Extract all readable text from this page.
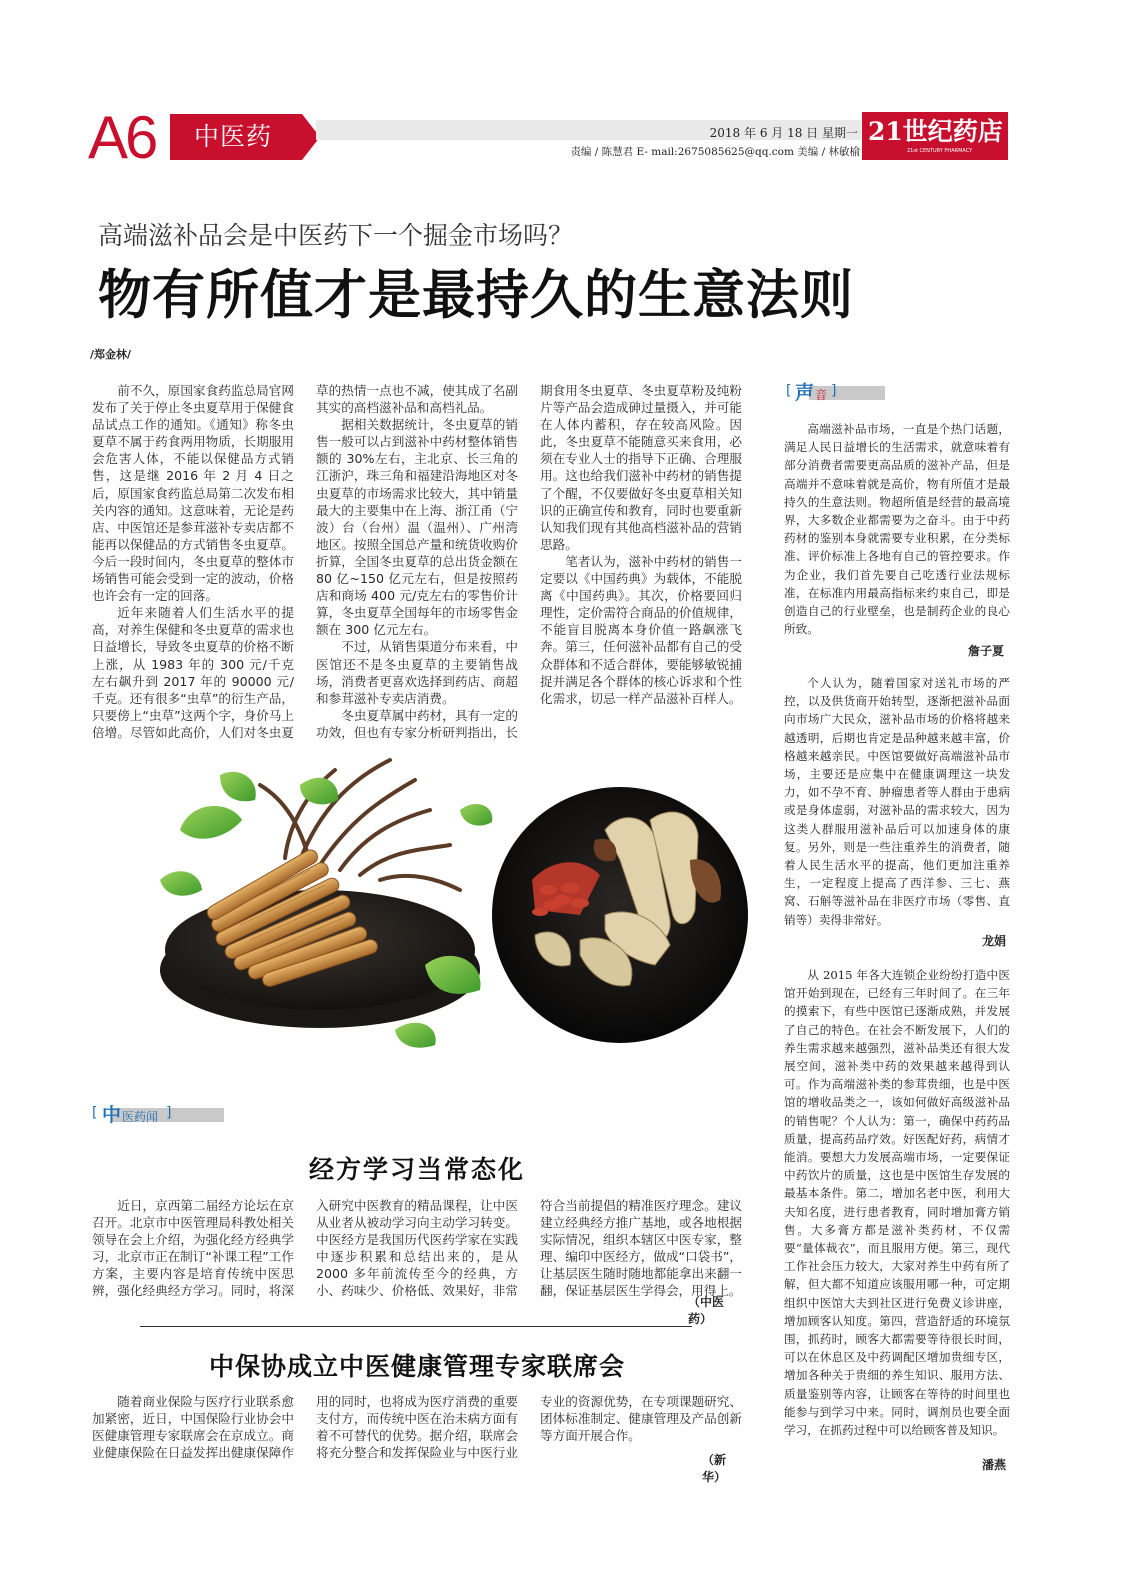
A6 中医药	2018 年 6 月 18 日 星期一
责编 / 陈慧君 E- mail:2675085625@qq.com 美编 / 林敏榆
21世纪药店
21st CENTURY PHARMACY
高端滋补品会是中医药下一个掘金市场吗？
物有所值才是最持久的生意法则
/郑金林/

前不久，原国家食药监总局官网发布了关于停止冬虫夏草用于保健食品试点工作的通知。《通知》称冬虫夏草不属于药食两用物质，长期服用会危害人体，不能以保健品方式销售，这是继 2016 年 2 月 4 日之后，原国家食药监总局第二次发布相关内容的通知。这意味着，无论是药店、中医馆还是参茸滋补专卖店都不能再以保健品的方式销售冬虫夏草。今后一段时间内，冬虫夏草的整体市场销售可能会受到一定的波动，价格也许会有一定的回落。

近年来随着人们生活水平的提高，对养生保健和冬虫夏草的需求也日益增长，导致冬虫夏草的价格不断上涨，从 1983 年的 300 元/千克左右飙升到 2017 年的 90000 元/千克。还有很多“虫草”的衍生产品，只要傍上“虫草”这两个字，身价马上倍增。尽管如此高价，人们对冬虫夏草的热情一点也不减，使其成了名副其实的高档滋补品和高档礼品。

据相关数据统计，冬虫夏草的销售一般可以占到滋补中药材整体销售额的 30%左右，主北京、长三角的江浙沪，珠三角和福建沿海地区对冬虫夏草的市场需求比较大，其中销量最大的主要集中在上海、浙江甬（宁波）台（台州）温（温州）、广州湾地区。按照全国总产量和统货收购价折算，全国冬虫夏草的总出货金额在 80 亿~150 亿元左右，但是按照药店和商场 400 元/克左右的零售价计算，冬虫夏草全国每年的市场零售金额在 300 亿元左右。

不过，从销售渠道分布来看，中医馆还不是冬虫夏草的主要销售战场，消费者更喜欢选择到药店、商超和参茸滋补专卖店消费。

冬虫夏草属中药材，具有一定的功效，但也有专家分析研判指出，长期食用冬虫夏草、冬虫夏草粉及纯粉片等产品会造成砷过量摄入，并可能在人体内蓄积，存在较高风险。因此，冬虫夏草不能随意买来食用，必须在专业人士的指导下正确、合理服用。这也给我们滋补中药材的销售提了个醒，不仅要做好冬虫夏草相关知识的正确宣传和教育，同时也要重新认知我们现有其他高档滋补品的营销思路。

笔者认为，滋补中药材的销售一定要以《中国药典》为载体，不能脱离《中国药典》。其次，价格要回归理性，定价需符合商品的价值规律，不能盲目脱离本身价值一路飙涨飞奔。第三，任何滋补品都有自己的受众群体和不适合群体，要能够敏锐捕捉并满足各个群体的核心诉求和个性化需求，切忌一样产品滋补百样人。

[ 中 医药闻 ]
经方学习当常态化

近日，京西第二届经方论坛在京召开。北京市中医管理局科教处相关领导在会上介绍，为强化经方经典学习，北京市正在制订“补课工程”工作方案，主要内容是培育传统中医思辨，强化经典经方学习。同时，将深入研究中医教育的精品课程，让中医从业者从被动学习向主动学习转变。中医经方是我国历代医药学家在实践中逐步积累和总结出来的，是从 2000 多年前流传至今的经典，方小、药味少、价格低、效果好，非常符合当前提倡的精准医疗理念。建议建立经典经方推广基地，或各地根据实际情况，组织本辖区中医专家，整理、编印中医经方，做成“口袋书”，让基层医生随时随地都能拿出来翻一翻，保证基层医生学得会，用得上。

（中医药）
中保协成立中医健康管理专家联席会

随着商业保险与医疗行业联系愈加紧密，近日，中国保险行业协会中医健康管理专家联席会在京成立。商业健康保险在日益发挥出健康保障作用的同时，也将成为医疗消费的重要支付方，而传统中医在治未病方面有着不可替代的优势。据介绍，联席会将充分整合和发挥保险业与中医行业专业的资源优势，在专项课题研究、团体标准制定、健康管理及产品创新等方面开展合作。

（新华）
[ 声 音 ]

高端滋补品市场，一直是个热门话题，满足人民日益增长的生活需求，就意味着有部分消费者需要更高品质的滋补产品，但是高端并不意味着就是高价，物有所值才是最持久的生意法则。物超所值是经营的最高境界，大多数企业都需要为之奋斗。由于中药药材的鉴别本身就需要专业积累，在分类标准、评价标准上各地有自己的管控要求。作为企业，我们首先要自己吃透行业法规标准，在标准内用最高指标来约束自己，即是创造自己的行业壁垒，也是制药企业的良心所致。

詹子夏

个人认为，随着国家对送礼市场的严控，以及供货商开始转型，逐渐把滋补品面向市场广大民众，滋补品市场的价格将越来越透明，后期也肯定是品种越来越丰富，价格越来越亲民。中医馆要做好高端滋补品市场，主要还是应集中在健康调理这一块发力，如不孕不育、肿瘤患者等人群由于患病或是身体虚弱，对滋补品的需求较大，因为这类人群服用滋补品后可以加速身体的康复。另外，则是一些注重养生的消费者，随着人民生活水平的提高，他们更加注重养生，一定程度上提高了西洋参、三七、燕窝、石斛等滋补品在非医疗市场（零售、直销等）卖得非常好。

龙娟

从 2015 年各大连锁企业纷纷打造中医馆开始到现在，已经有三年时间了。在三年的摸索下，有些中医馆已逐渐成熟，并发展了自己的特色。在社会不断发展下，人们的养生需求越来越强烈，滋补品类还有很大发展空间，滋补类中药的效果越来越得到认可。作为高端滋补类的参茸贵细，也是中医馆的增收品类之一，该如何做好高级滋补品的销售呢？个人认为：第一，确保中药药品质量，提高药品疗效。好医配好药，病情才能消。要想大力发展高端市场，一定要保证中药饮片的质量，这也是中医馆生存发展的最基本条件。第二，增加名老中医，利用大夫知名度，进行患者教育，同时增加膏方销售。大多膏方都是滋补类药材，不仅需要“量体裁衣”，而且服用方便。第三，现代工作社会压力较大，大家对养生中药有所了解，但大都不知道应该服用哪一种，可定期组织中医馆大夫到社区进行免费义诊讲座，增加顾客认知度。第四，营造舒适的环境氛围，抓药时，顾客大都需要等待很长时间，可以在休息区及中药调配区增加贵细专区，增加各种关于贵细的养生知识、服用方法、质量鉴别等内容，让顾客在等待的时间里也能参与到学习中来。同时，调剂员也要全面学习，在抓药过程中可以给顾客普及知识。

潘燕
